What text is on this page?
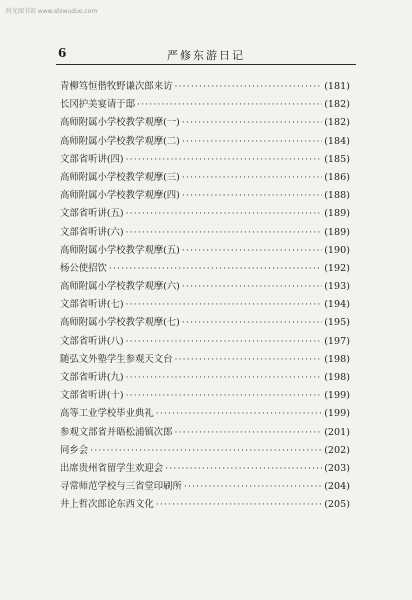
时光图书馆 www.shiwuduo.com
6	严修东游日记
青柳笃恒偕牧野谦次郎来访 ·····	(181)
长冈护美宴请于邸 ·····	(182)
高师附属小学校教学观摩(一) ·····	(182)
高师附属小学校教学观摩(二) ·····	(184)
文部省听讲(四) ·····	(185)
高师附属小学校教学观摩(三) ·····	(186)
高师附属小学校教学观摩(四) ·····	(188)
文部省听讲(五) ·····	(189)
文部省听讲(六) ·····	(189)
高师附属小学校教学观摩(五) ·····	(190)
杨公使招饮 ·····	(192)
高师附属小学校教学观摩(六) ·····	(193)
文部省听讲(七) ·····	(194)
高师附属小学校教学观摩(七) ·····	(195)
文部省听讲(八) ·····	(197)
随弘文外塾学生参观天文台 ·····	(198)
文部省听讲(九) ·····	(198)
文部省听讲(十) ·····	(199)
高等工业学校毕业典礼 ·····	(199)
参观文部省并晤松浦镇次郎 ·····	(201)
同乡会 ·····	(202)
出席贵州省留学生欢迎会 ·····	(203)
寻常师范学校与三省堂印刷所 ·····	(204)
井上哲次郎论东西文化 ·····	(205)
